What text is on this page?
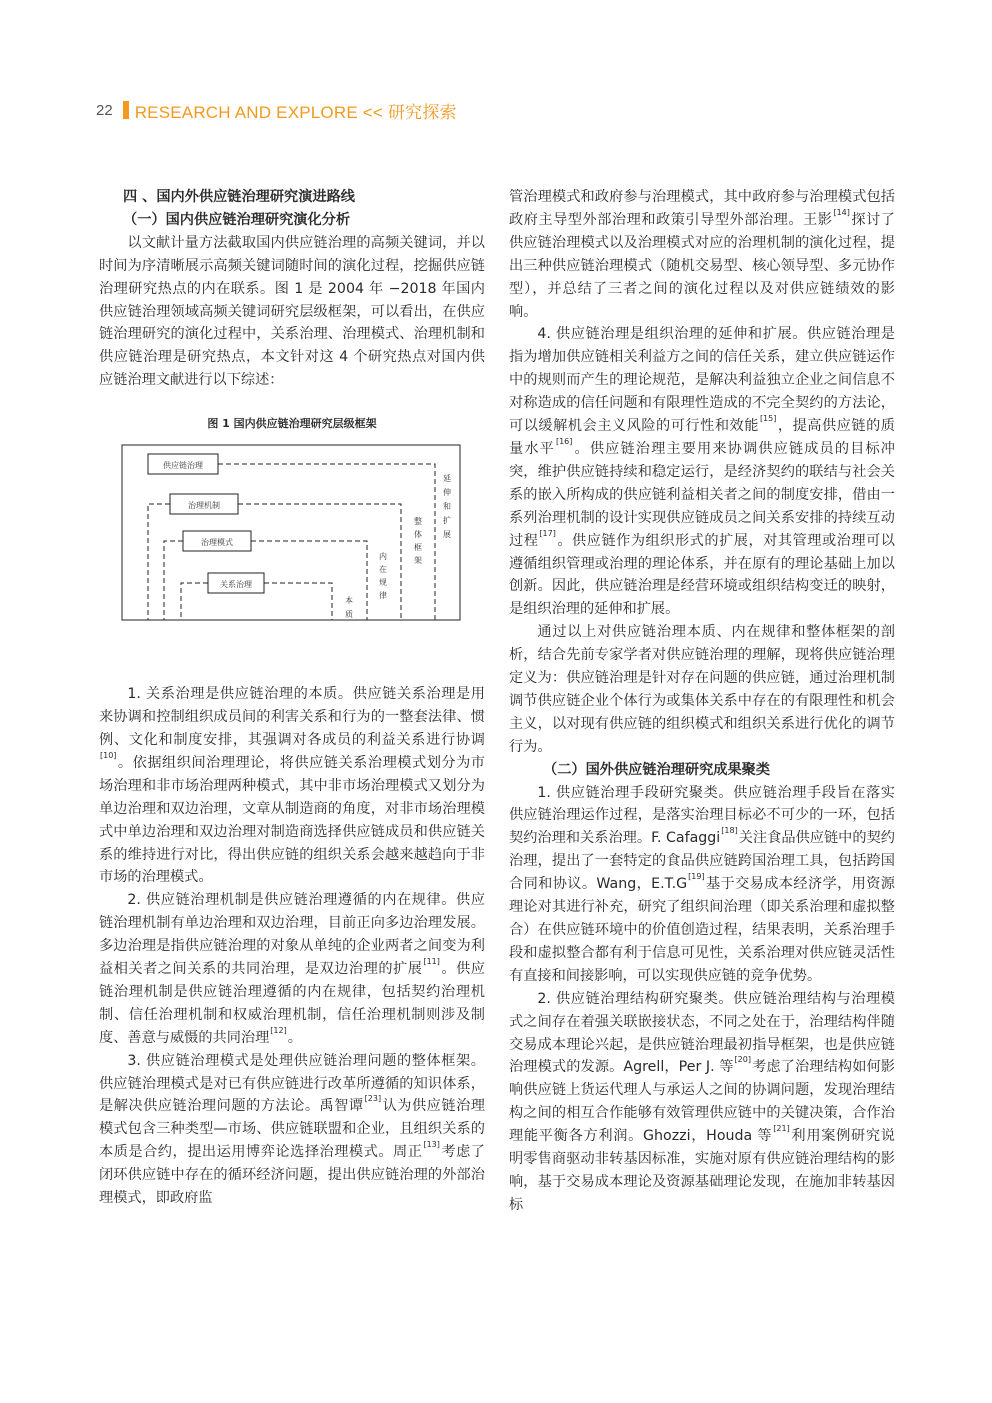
22 RESEARCH AND EXPLORE << 研究探索

四 、国内外供应链治理研究演进路线

（一）国内供应链治理研究演化分析

以文献计量方法截取国内供应链治理的高频关键词，并以时间为序清晰展示高频关键词随时间的演化过程，挖掘供应链治理研究热点的内在联系。图 1 是 2004 年 −2018 年国内供应链治理领域高频关键词研究层级框架，可以看出，在供应链治理研究的演化过程中，关系治理、治理模式、治理机制和供应链治理是研究热点，本文针对这 4 个研究热点对国内供应链治理文献进行以下综述：

图 1 国内供应链治理研究层级框架
供应链治理
治理机制
治理模式
关系治理
本质
内在规律
整体框架	延伸和扩展

1. 关系治理是供应链治理的本质。供应链关系治理是用来协调和控制组织成员间的利害关系和行为的一整套法律、惯例、文化和制度安排，其强调对各成员的利益关系进行协调[10]。依据组织间治理理论，将供应链关系治理模式划分为市场治理和非市场治理两种模式，其中非市场治理模式又划分为单边治理和双边治理，文章从制造商的角度，对非市场治理模式中单边治理和双边治理对制造商选择供应链成员和供应链关系的维持进行对比，得出供应链的组织关系会越来越趋向于非市场的治理模式。

2. 供应链治理机制是供应链治理遵循的内在规律。供应链治理机制有单边治理和双边治理，目前正向多边治理发展。多边治理是指供应链治理的对象从单纯的企业两者之间变为利益相关者之间关系的共同治理，是双边治理的扩展[11]。供应链治理机制是供应链治理遵循的内在规律，包括契约治理机制、信任治理机制和权威治理机制，信任治理机制则涉及制度、善意与威慑的共同治理[12]。

3. 供应链治理模式是处理供应链治理问题的整体框架。供应链治理模式是对已有供应链进行改革所遵循的知识体系，是解决供应链治理问题的方法论。禹智谭[23]认为供应链治理模式包含三种类型—市场、供应链联盟和企业，且组织关系的本质是合约，提出运用博弈论选择治理模式。周正[13]考虑了闭环供应链中存在的循环经济问题，提出供应链治理的外部治理模式，即政府监

管治理模式和政府参与治理模式，其中政府参与治理模式包括政府主导型外部治理和政策引导型外部治理。王影[14]探讨了供应链治理模式以及治理模式对应的治理机制的演化过程，提出三种供应链治理模式（随机交易型、核心领导型、多元协作型），并总结了三者之间的演化过程以及对供应链绩效的影响。

4. 供应链治理是组织治理的延伸和扩展。供应链治理是指为增加供应链相关利益方之间的信任关系，建立供应链运作中的规则而产生的理论规范，是解决利益独立企业之间信息不对称造成的信任问题和有限理性造成的不完全契约的方法论，可以缓解机会主义风险的可行性和效能[15]，提高供应链的质量水平[16]。供应链治理主要用来协调供应链成员的目标冲突，维护供应链持续和稳定运行，是经济契约的联结与社会关系的嵌入所构成的供应链利益相关者之间的制度安排，借由一系列治理机制的设计实现供应链成员之间关系安排的持续互动过程[17]。供应链作为组织形式的扩展，对其管理或治理可以遵循组织管理或治理的理论体系，并在原有的理论基础上加以创新。因此，供应链治理是经营环境或组织结构变迁的映射，是组织治理的延伸和扩展。

通过以上对供应链治理本质、内在规律和整体框架的剖析，结合先前专家学者对供应链治理的理解，现将供应链治理定义为：供应链治理是针对存在问题的供应链，通过治理机制调节供应链企业个体行为或集体关系中存在的有限理性和机会主义，以对现有供应链的组织模式和组织关系进行优化的调节行为。

（二）国外供应链治理研究成果聚类

1. 供应链治理手段研究聚类。供应链治理手段旨在落实供应链治理运作过程，是落实治理目标必不可少的一环，包括契约治理和关系治理。F. Cafaggi[18]关注食品供应链中的契约治理，提出了一套特定的食品供应链跨国治理工具，包括跨国合同和协议。Wang，E.T.G[19]基于交易成本经济学，用资源理论对其进行补充，研究了组织间治理（即关系治理和虚拟整合）在供应链环境中的价值创造过程，结果表明，关系治理手段和虚拟整合都有利于信息可见性，关系治理对供应链灵活性有直接和间接影响，可以实现供应链的竞争优势。

2. 供应链治理结构研究聚类。供应链治理结构与治理模式之间存在着强关联嵌接状态，不同之处在于，治理结构伴随交易成本理论兴起，是供应链治理最初指导框架，也是供应链治理模式的发源。Agrell，Per J. 等[20]考虑了治理结构如何影响供应链上货运代理人与承运人之间的协调问题，发现治理结构之间的相互合作能够有效管理供应链中的关键决策，合作治理能平衡各方利润。Ghozzi，Houda 等[21]利用案例研究说明零售商驱动非转基因标准，实施对原有供应链治理结构的影响，基于交易成本理论及资源基础理论发现，在施加非转基因标
